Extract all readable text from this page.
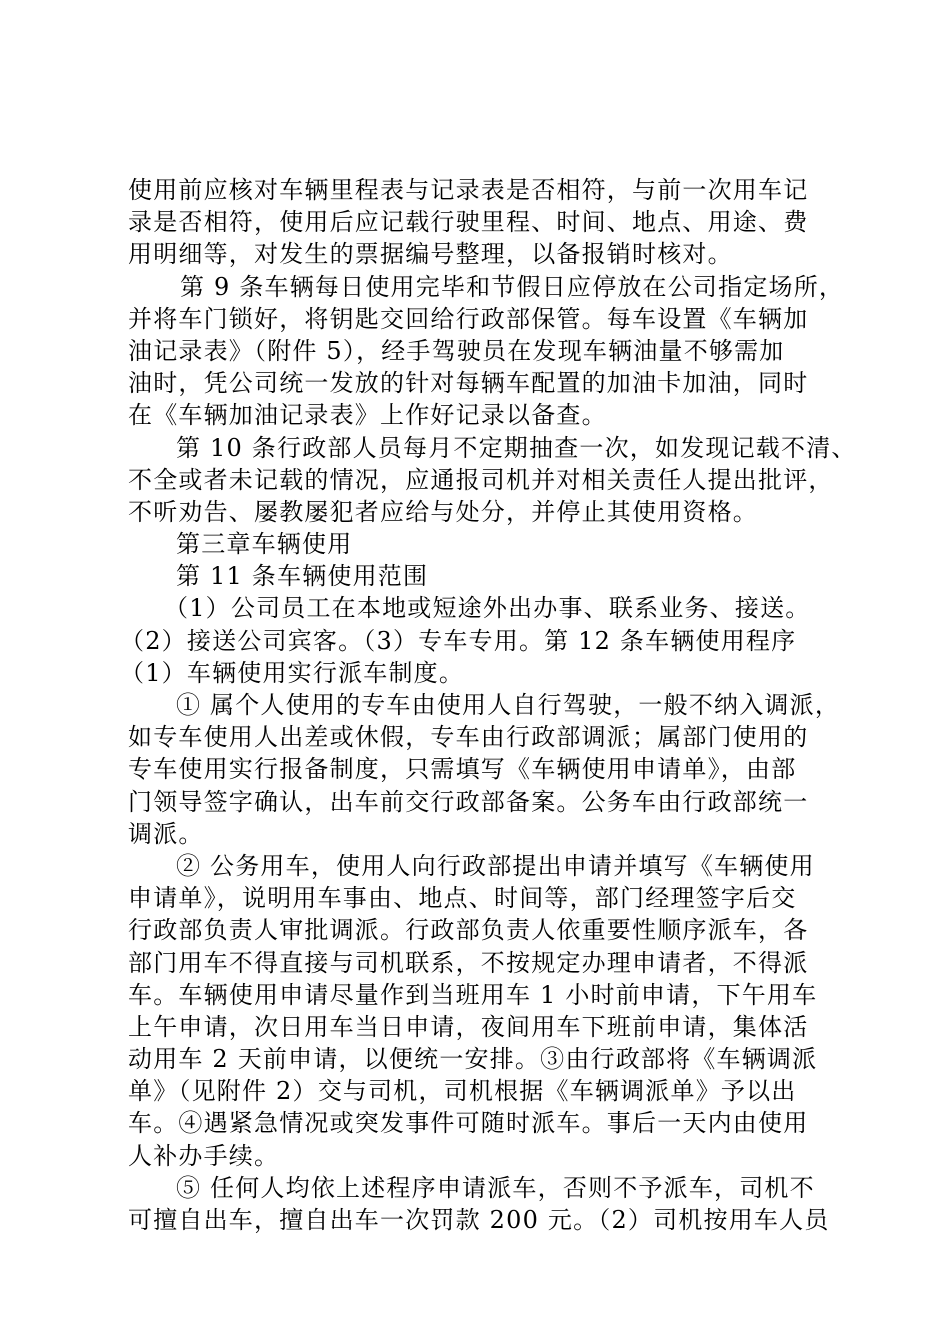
使用前应核对车辆里程表与记录表是否相符，与前一次用车记
录是否相符，使用后应记载行驶里程、时间、地点、用途、费
用明细等，对发生的票据编号整理，以备报销时核对。
第 9 条车辆每日使用完毕和节假日应停放在公司指定场所，
并将车门锁好，将钥匙交回给行政部保管。每车设置《车辆加
油记录表》（附件 5），经手驾驶员在发现车辆油量不够需加
油时，凭公司统一发放的针对每辆车配置的加油卡加油，同时
在《车辆加油记录表》上作好记录以备查。
第 10 条行政部人员每月不定期抽查一次，如发现记载不清、
不全或者未记载的情况，应通报司机并对相关责任人提出批评，
不听劝告、屡教屡犯者应给与处分，并停止其使用资格。
第三章车辆使用
第 11 条车辆使用范围
（1）公司员工在本地或短途外出办事、联系业务、接送。
（2）接送公司宾客。（3）专车专用。第 12 条车辆使用程序
（1）车辆使用实行派车制度。
① 属个人使用的专车由使用人自行驾驶，一般不纳入调派，
如专车使用人出差或休假，专车由行政部调派；属部门使用的
专车使用实行报备制度，只需填写《车辆使用申请单》，由部
门领导签字确认，出车前交行政部备案。公务车由行政部统一
调派。
② 公务用车，使用人向行政部提出申请并填写《车辆使用
申请单》，说明用车事由、地点、时间等，部门经理签字后交
行政部负责人审批调派。行政部负责人依重要性顺序派车，各
部门用车不得直接与司机联系，不按规定办理申请者，不得派
车。车辆使用申请尽量作到当班用车 1 小时前申请，下午用车
上午申请，次日用车当日申请，夜间用车下班前申请，集体活
动用车 2 天前申请，以便统一安排。③由行政部将《车辆调派
单》（见附件 2）交与司机，司机根据《车辆调派单》予以出
车。④遇紧急情况或突发事件可随时派车。事后一天内由使用
人补办手续。
⑤ 任何人均依上述程序申请派车，否则不予派车，司机不
可擅自出车，擅自出车一次罚款 200 元。（2）司机按用车人员
